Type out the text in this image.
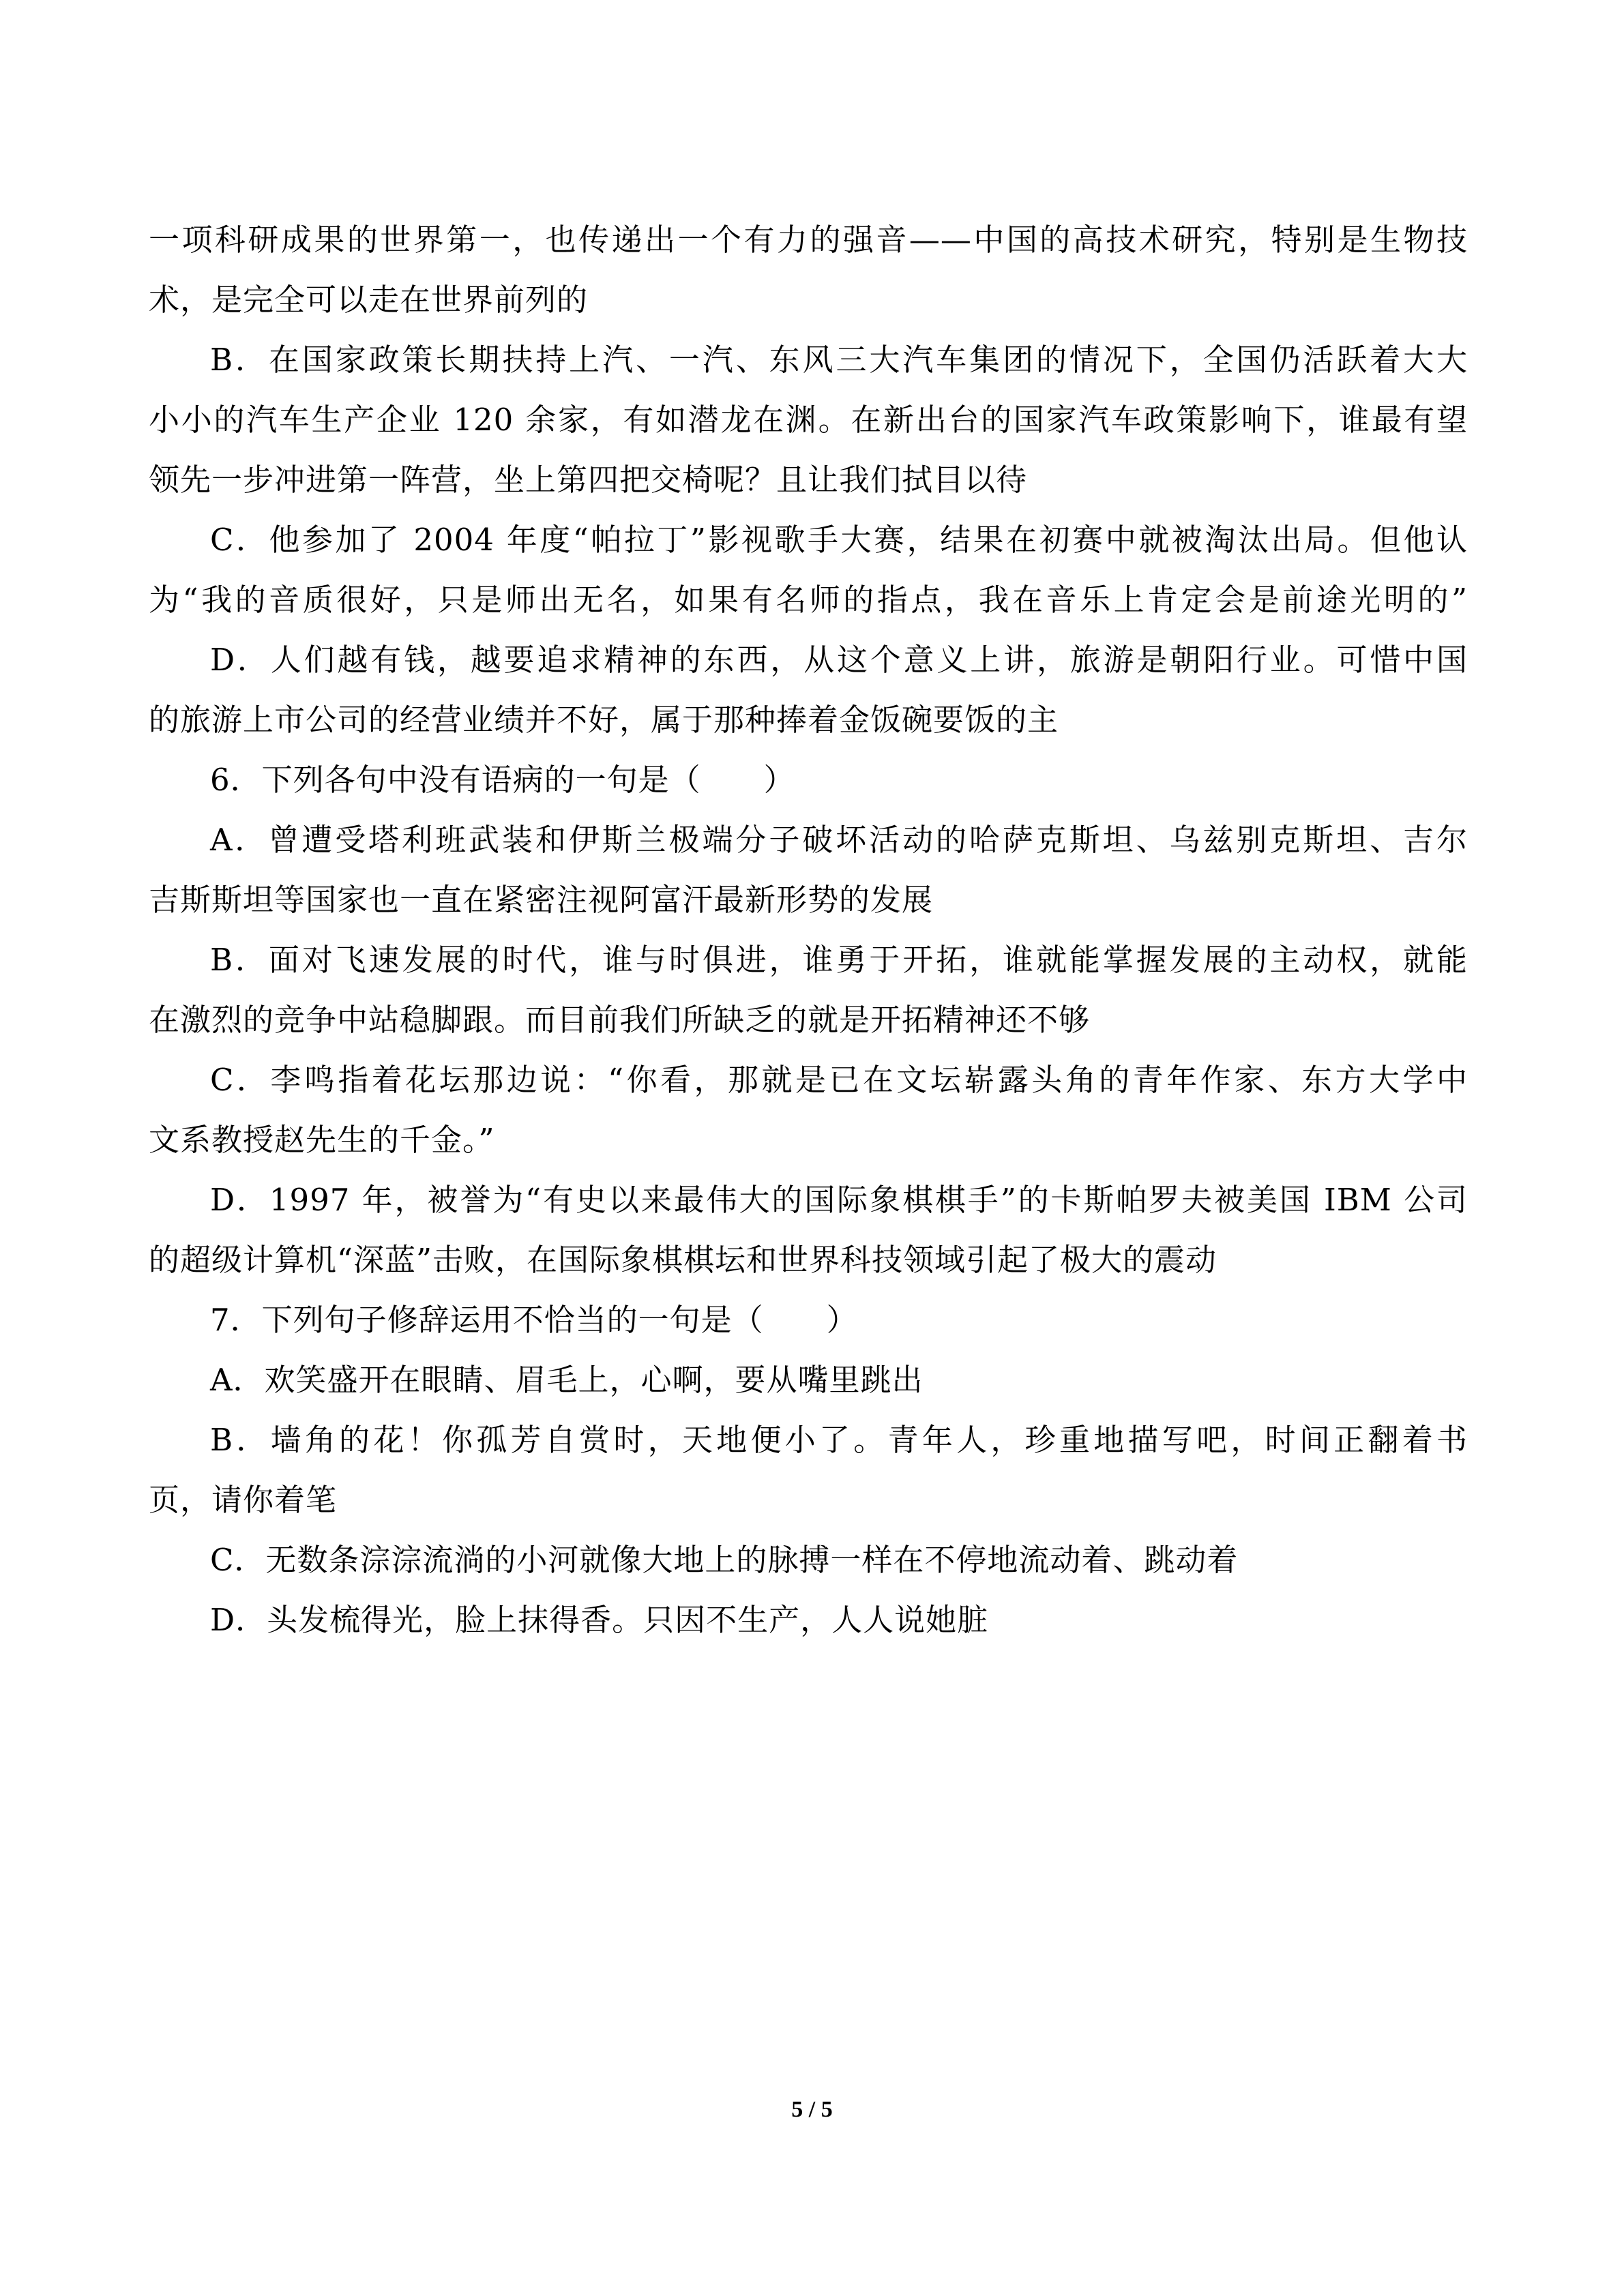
一项科研成果的世界第一，也传递出一个有力的强音——中国的高技术研究，特别是生物技
术，是完全可以走在世界前列的
B．在国家政策长期扶持上汽、一汽、东风三大汽车集团的情况下，全国仍活跃着大大
小小的汽车生产企业 120 余家，有如潜龙在渊。在新出台的国家汽车政策影响下，谁最有望
领先一步冲进第一阵营，坐上第四把交椅呢？且让我们拭目以待
C．他参加了 2004 年度“帕拉丁”影视歌手大赛，结果在初赛中就被淘汰出局。但他认
为“我的音质很好，只是师出无名，如果有名师的指点，我在音乐上肯定会是前途光明的”
D．人们越有钱，越要追求精神的东西，从这个意义上讲，旅游是朝阳行业。可惜中国
的旅游上市公司的经营业绩并不好，属于那种捧着金饭碗要饭的主
6．下列各句中没有语病的一句是（　　）
A．曾遭受塔利班武装和伊斯兰极端分子破坏活动的哈萨克斯坦、乌兹别克斯坦、吉尔
吉斯斯坦等国家也一直在紧密注视阿富汗最新形势的发展
B．面对飞速发展的时代，谁与时俱进，谁勇于开拓，谁就能掌握发展的主动权，就能
在激烈的竞争中站稳脚跟。而目前我们所缺乏的就是开拓精神还不够
C．李鸣指着花坛那边说：“你看，那就是已在文坛崭露头角的青年作家、东方大学中
文系教授赵先生的千金。”
D．1997 年，被誉为“有史以来最伟大的国际象棋棋手”的卡斯帕罗夫被美国 IBM 公司
的超级计算机“深蓝”击败，在国际象棋棋坛和世界科技领域引起了极大的震动
7．下列句子修辞运用不恰当的一句是（　　）
A．欢笑盛开在眼睛、眉毛上，心啊，要从嘴里跳出
B．墙角的花！你孤芳自赏时，天地便小了。青年人，珍重地描写吧，时间正翻着书
页，请你着笔
C．无数条淙淙流淌的小河就像大地上的脉搏一样在不停地流动着、跳动着
D．头发梳得光，脸上抹得香。只因不生产，人人说她脏
5 / 5
